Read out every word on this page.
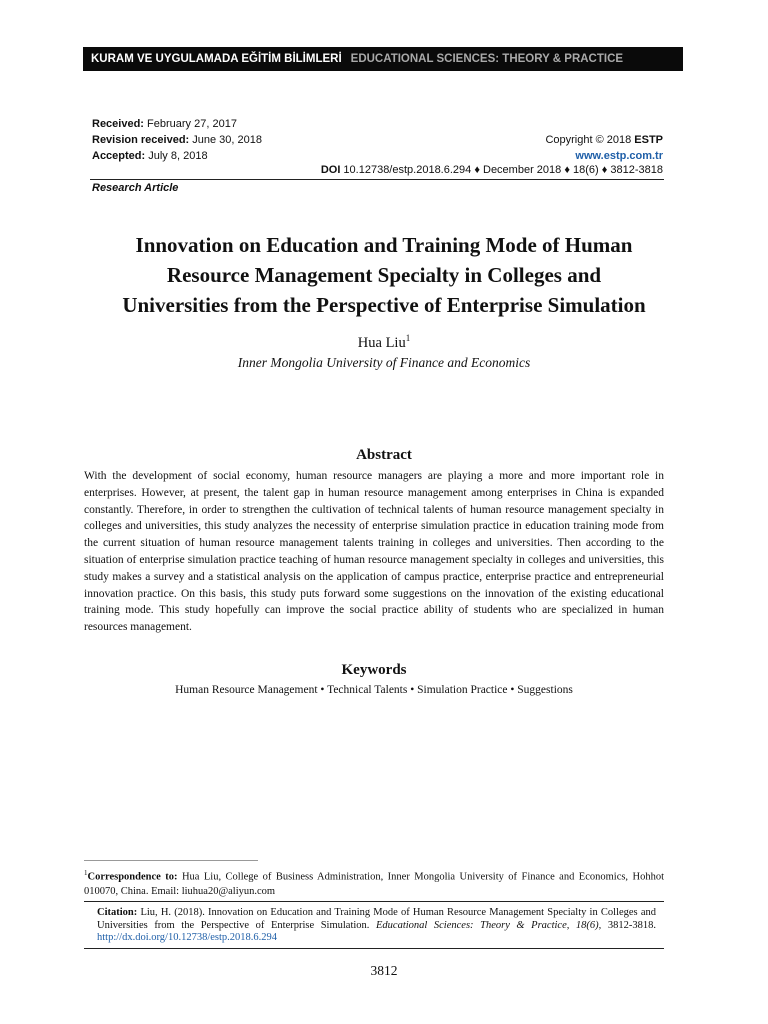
KURAM VE UYGULAMADA EĞİTİM BİLİMLERİ EDUCATIONAL SCIENCES: THEORY & PRACTICE
Received: February 27, 2017
Revision received: June 30, 2018
Accepted: July 8, 2018
Copyright © 2018 ESTP
www.estp.com.tr
DOI 10.12738/estp.2018.6.294 ♦ December 2018 ♦ 18(6) ♦ 3812-3818
Research Article
Innovation on Education and Training Mode of Human
Resource Management Specialty in Colleges and
Universities from the Perspective of Enterprise Simulation
Hua Liu$^1$
Inner Mongolia University of Finance and Economics
Abstract
With the development of social economy, human resource managers are playing a more and more important role in enterprises. However, at present, the talent gap in human resource management among enterprises in China is expanded constantly. Therefore, in order to strengthen the cultivation of technical talents of human resource management specialty in colleges and universities, this study analyzes the necessity of enterprise simulation practice in education training mode from the current situation of human resource management talents training in colleges and universities. Then according to the situation of enterprise simulation practice teaching of human resource management specialty in colleges and universities, this study makes a survey and a statistical analysis on the application of campus practice, enterprise practice and entrepreneurial innovation practice. On this basis, this study puts forward some suggestions on the innovation of the existing educational training mode. This study hopefully can improve the social practice ability of students who are specialized in human resources management.
Keywords
Human Resource Management • Technical Talents • Simulation Practice • Suggestions
$^1$Correspondence to: Hua Liu, College of Business Administration, Inner Mongolia University of Finance and Economics, Hohhot 010070, China. Email: liuhua20@aliyun.com
Citation: Liu, H. (2018). Innovation on Education and Training Mode of Human Resource Management Specialty in Colleges and Universities from the Perspective of Enterprise Simulation. Educational Sciences: Theory & Practice, 18(6), 3812-3818. http://dx.doi.org/10.12738/estp.2018.6.294
3812
